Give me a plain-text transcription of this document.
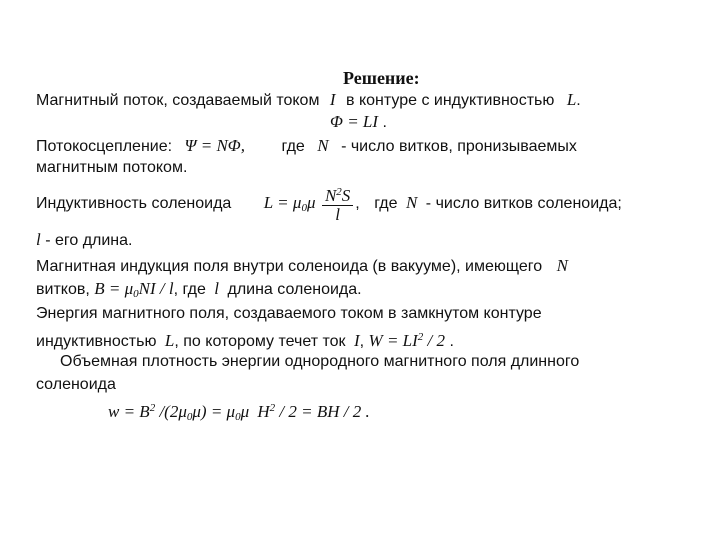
Решение:
Магнитный поток, создаваемый током I в контуре с индуктивностью L.
Φ = LI .
Потокосцепление: Ψ = NΦ, где N - число витков, пронизываемых
магнитным потоком.
Индуктивность соленоида $L = \mu_0\mu \frac{N^2S}{l}$ , где N - число витков соленоида;
l - его длина.
Магнитная индукция поля внутри соленоида (в вакууме), имеющего N
витков, $B = \mu_0NI / l$, где l длина соленоида.
Энергия магнитного поля, создаваемого током в замкнутом контуре
индуктивностью L, по которому течет ток I, $W = LI^2 / 2$ .
Объемная плотность энергии однородного магнитного поля длинного
соленоида
$w = B^2$ $/(2\mu_0\mu) = \mu_0\mu$ $H^2 / 2$ = BH / 2 .
